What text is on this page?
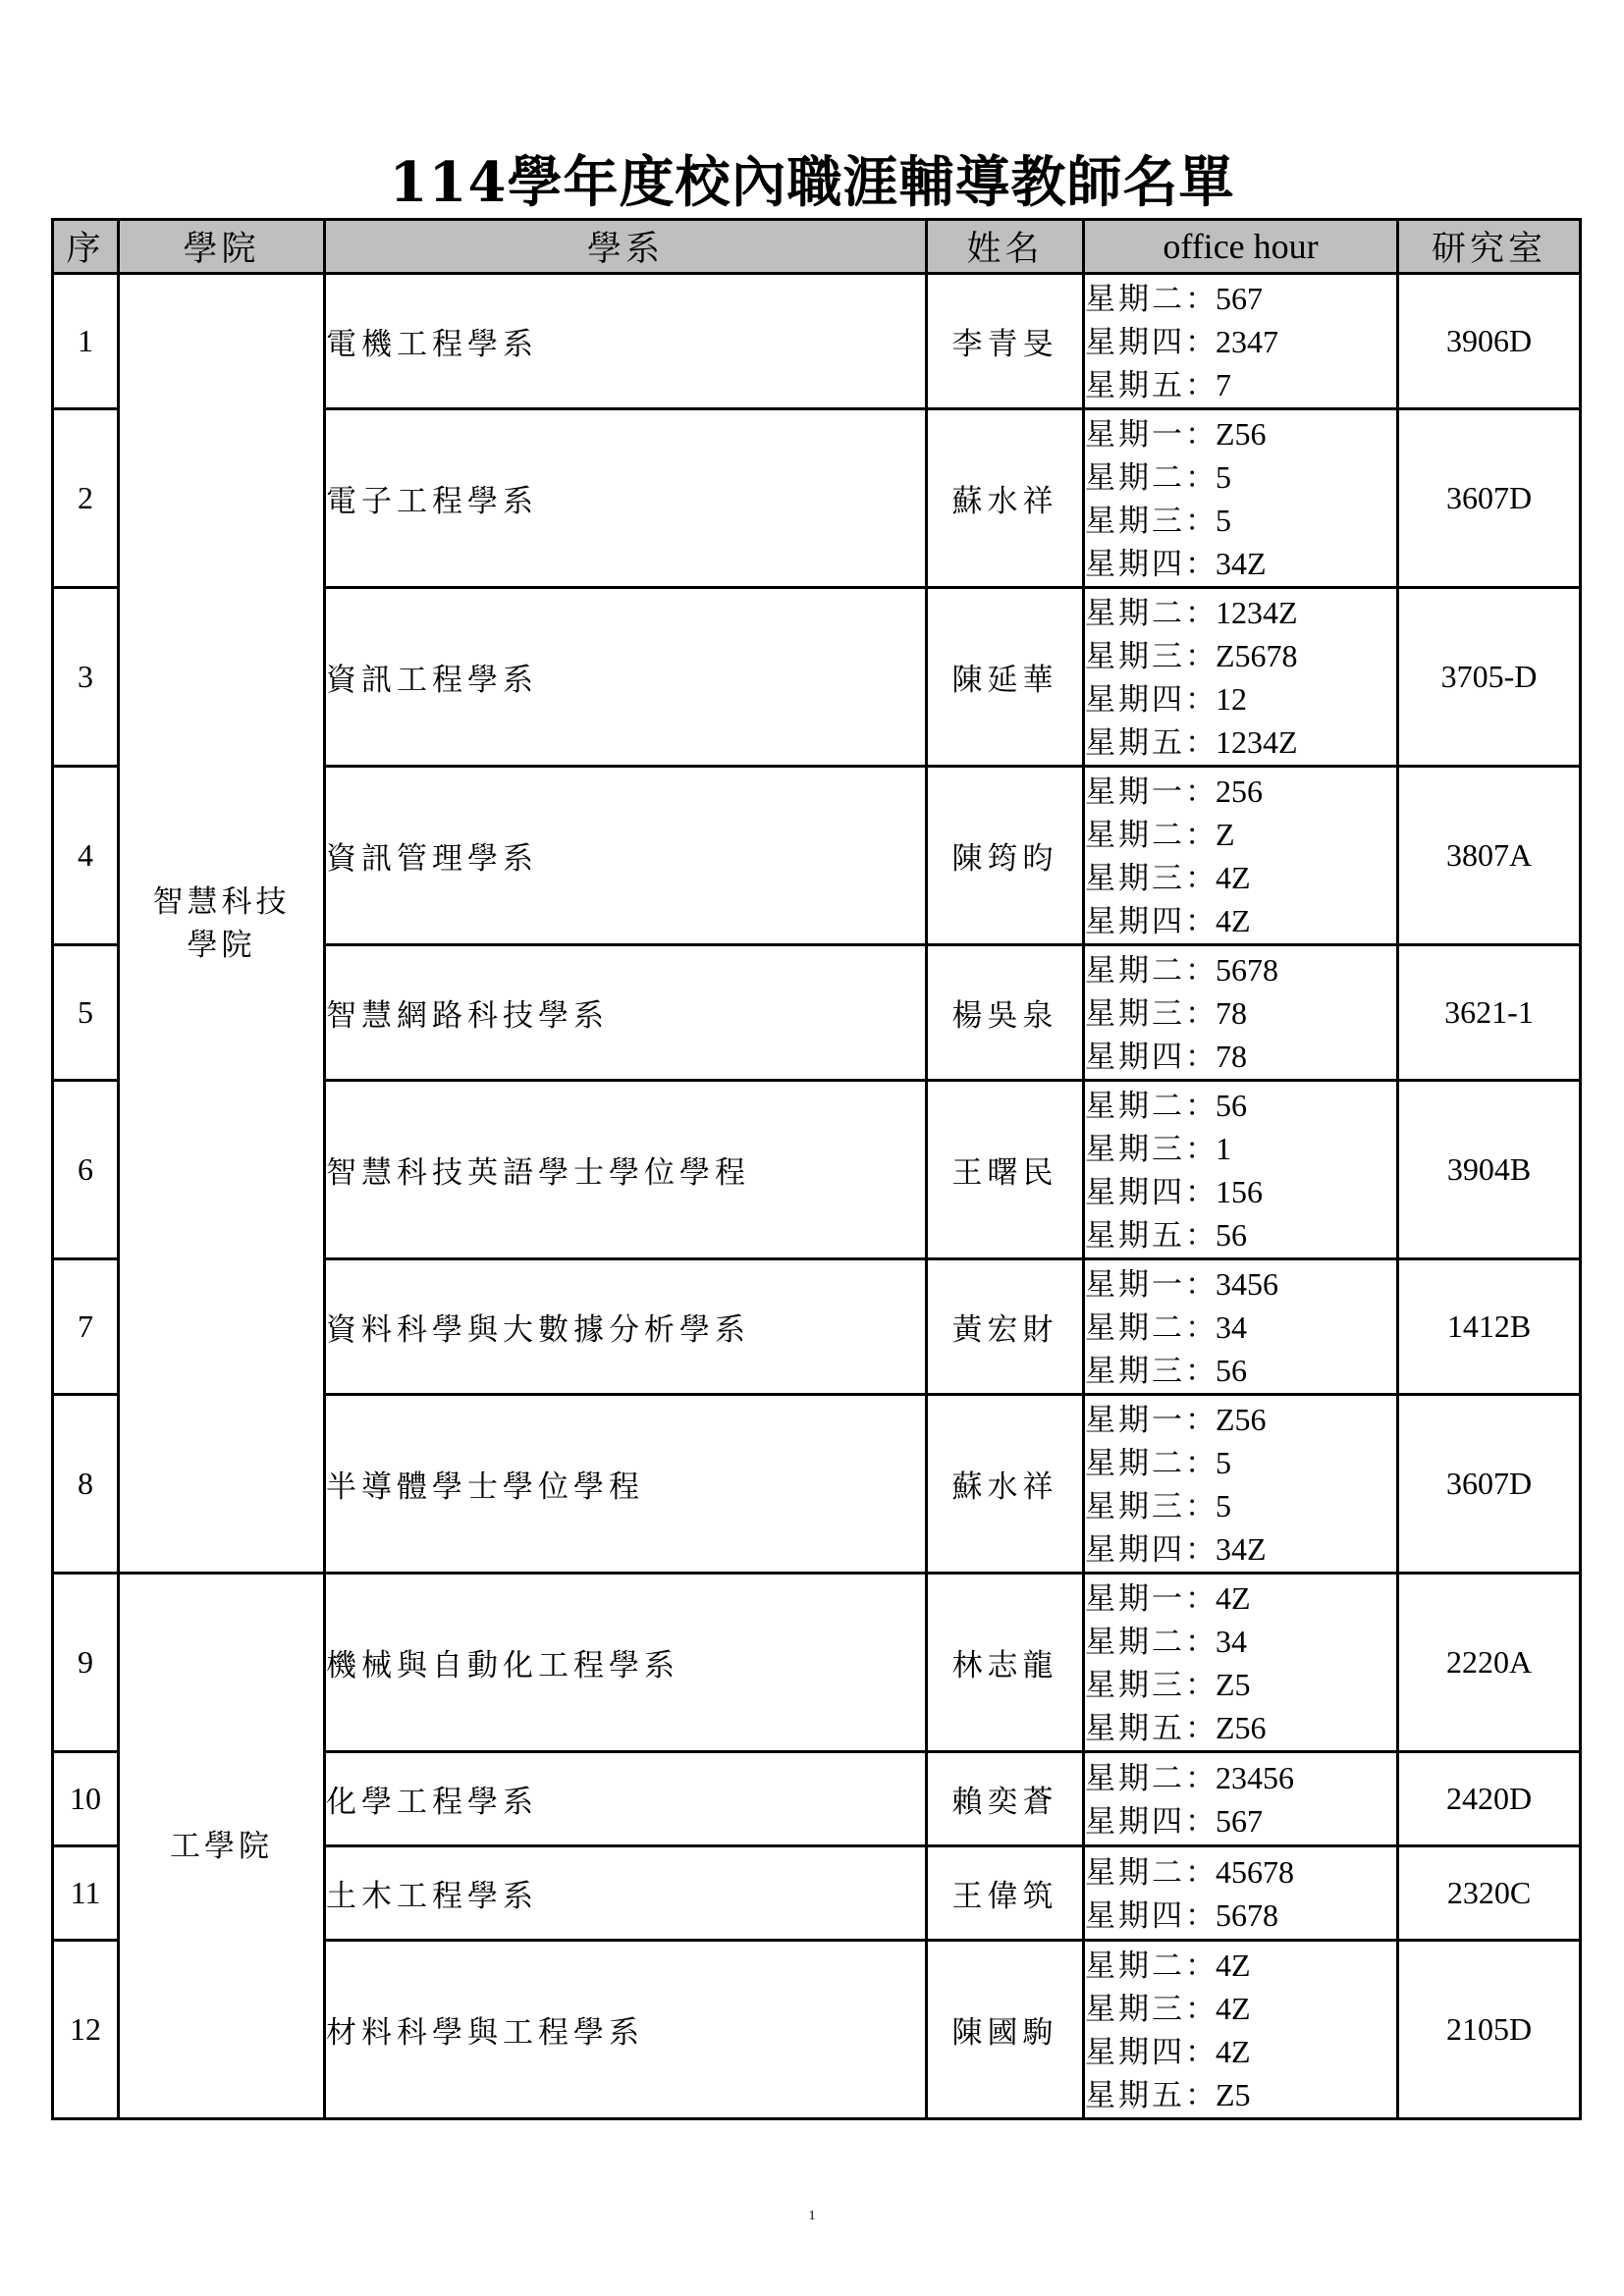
114學年度校內職涯輔導教師名單
序	學院	學系	姓名	office hour	研究室
1	智慧科技學院	電機工程學系	李青旻	星期二：567
星期四：2347
星期五：7	3906D
2		電子工程學系	蘇水祥	星期一：Z56
星期二：5
星期三：5
星期四：34Z	3607D
3		資訊工程學系	陳延華	星期二：1234Z
星期三：Z5678
星期四：12
星期五：1234Z	3705-D
4		資訊管理學系	陳筠昀	星期一：256
星期二：Z
星期三：4Z
星期四：4Z	3807A
5		智慧網路科技學系	楊吳泉	星期二：5678
星期三：78
星期四：78	3621-1
6		智慧科技英語學士學位學程	王曙民	星期二：56
星期三：1
星期四：156
星期五：56	3904B
7		資料科學與大數據分析學系	黃宏財	星期一：3456
星期二：34
星期三：56	1412B
8		半導體學士學位學程	蘇水祥	星期一：Z56
星期二：5
星期三：5
星期四：34Z	3607D
9	工學院	機械與自動化工程學系	林志龍	星期一：4Z
星期二：34
星期三：Z5
星期五：Z56	2220A
10		化學工程學系	賴奕蒼	星期二：23456
星期四：567	2420D
11		土木工程學系	王偉筑	星期二：45678
星期四：5678	2320C
12		材料科學與工程學系	陳國駒	星期二：4Z
星期三：4Z
星期四：4Z
星期五：Z5	2105D
1
